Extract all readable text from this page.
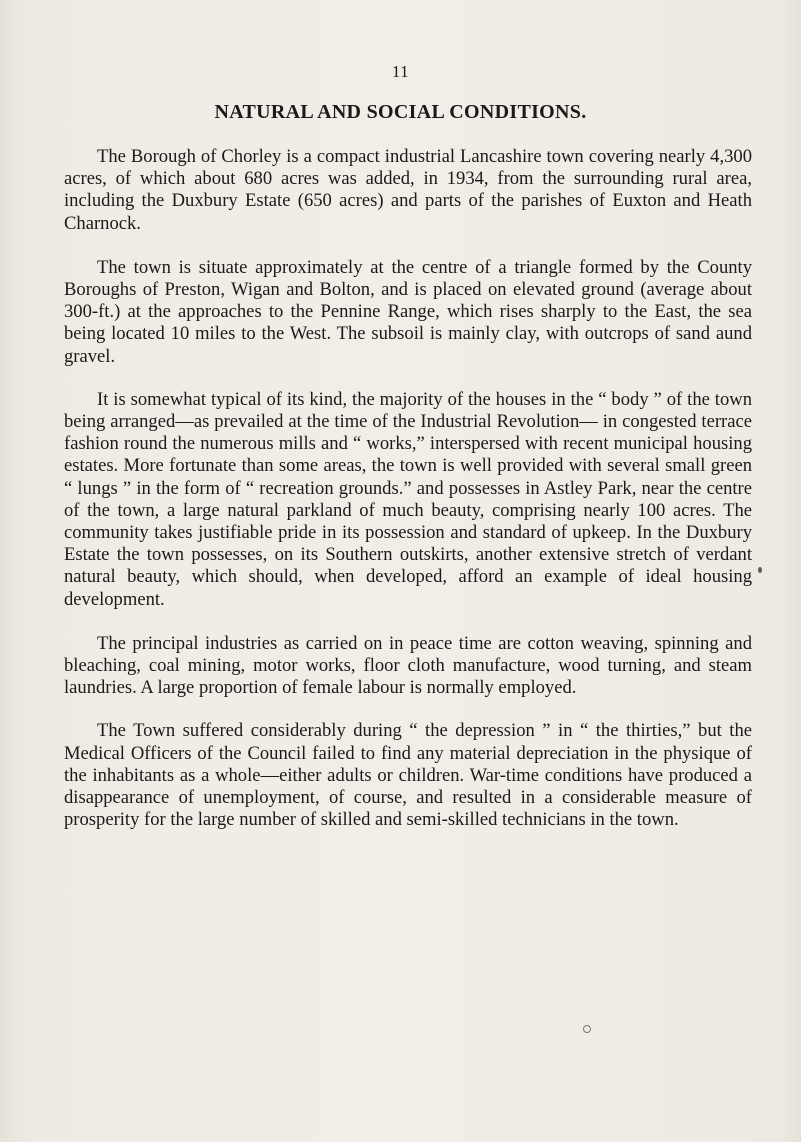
11
NATURAL AND SOCIAL CONDITIONS.

The Borough of Chorley is a compact industrial Lancashire town covering nearly 4,300 acres, of which about 680 acres was added, in 1934, from the surrounding rural area, including the Duxbury Estate (650 acres) and parts of the parishes of Euxton and Heath Charnock.

The town is situate approximately at the centre of a triangle formed by the County Boroughs of Preston, Wigan and Bolton, and is placed on elevated ground (average about 300-ft.) at the approaches to the Pennine Range, which rises sharply to the East, the sea being located 10 miles to the West. The subsoil is mainly clay, with outcrops of sand aund gravel.

It is somewhat typical of its kind, the majority of the houses in the “ body ” of the town being arranged—as prevailed at the time of the Industrial Revolution— in congested terrace fashion round the numerous mills and “ works,” interspersed with recent municipal housing estates. More fortunate than some areas, the town is well provided with several small green “ lungs ” in the form of “ recreation grounds.” and possesses in Astley Park, near the centre of the town, a large natural parkland of much beauty, comprising nearly 100 acres. The community takes justifiable pride in its possession and standard of upkeep. In the Duxbury Estate the town possesses, on its Southern outskirts, another extensive stretch of verdant natural beauty, which should, when developed, afford an example of ideal housing development.

The principal industries as carried on in peace time are cotton weaving, spinning and bleaching, coal mining, motor works, floor cloth manufacture, wood turning, and steam laundries. A large proportion of female labour is normally employed.

The Town suffered considerably during “ the depression ” in “ the thirties,” but the Medical Officers of the Council failed to find any material depreciation in the physique of the inhabitants as a whole—either adults or children. War-time conditions have produced a disappearance of unemployment, of course, and resulted in a considerable measure of prosperity for the large number of skilled and semi-skilled technicians in the town.
